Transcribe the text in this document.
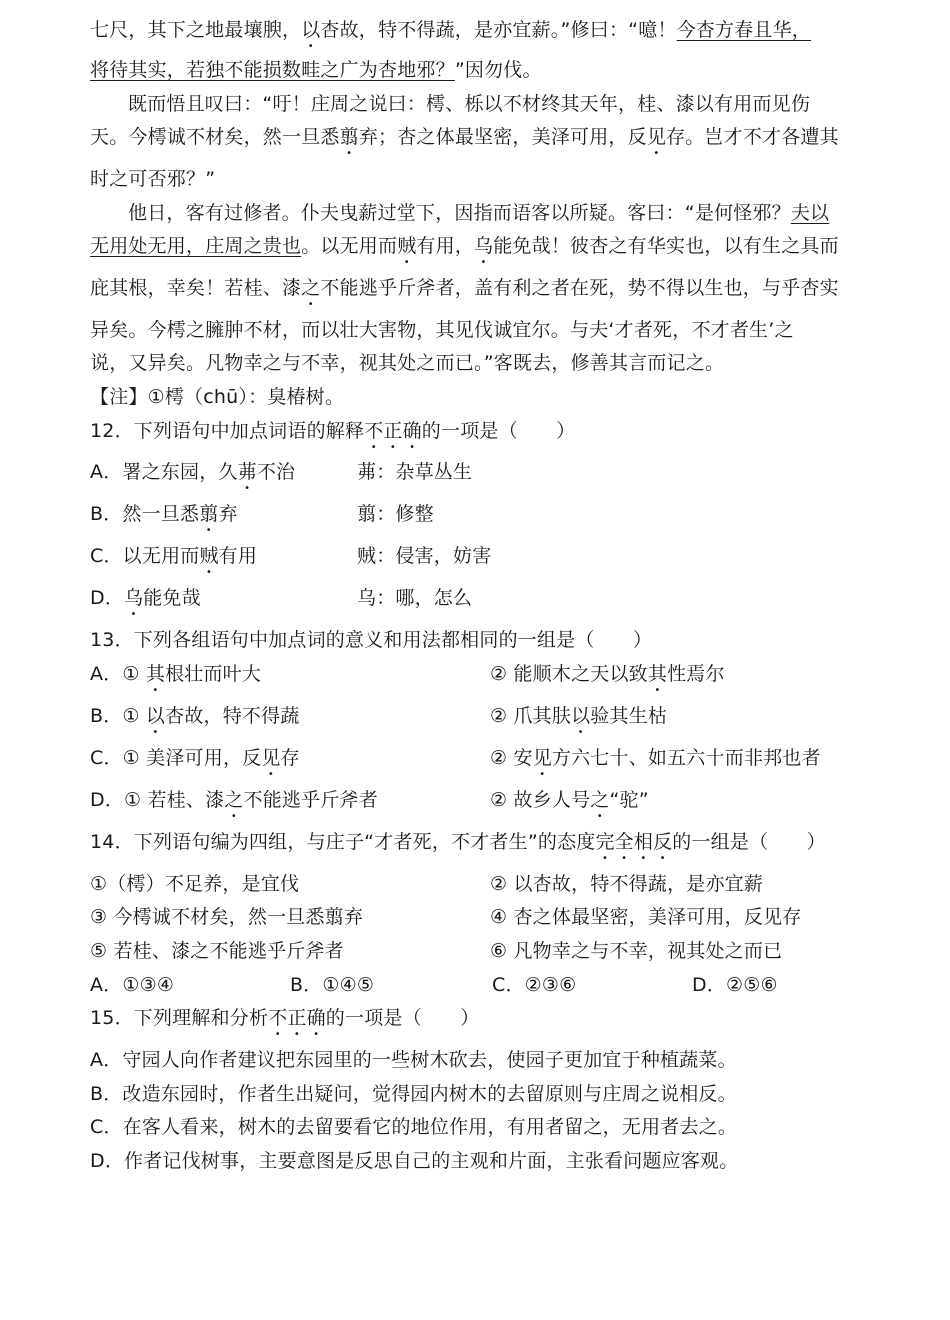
七尺，其下之地最壤腴，以杏故，特不得蔬，是亦宜薪。”修曰：“噫！今杏方春且华，
将待其实，若独不能损数畦之广为杏地邪？”因勿伐。
既而悟且叹曰：“吁！庄周之说曰：樗、栎以不材终其天年，桂、漆以有用而见伤
天。今樗诚不材矣，然一旦悉翦弃；杏之体最坚密，美泽可用，反见存。岂才不才各遭其
时之可否邪？”
他日，客有过修者。仆夫曳薪过堂下，因指而语客以所疑。客曰：“是何怪邪？夫以
无用处无用，庄周之贵也。以无用而贼有用，乌能免哉！彼杏之有华实也，以有生之具而
庇其根，幸矣！若桂、漆之不能逃乎斤斧者，盖有利之者在死，势不得以生也，与乎杏实
异矣。今樗之臃肿不材，而以壮大害物，其见伐诚宜尔。与夫‘才者死，不才者生’之
说，又异矣。凡物幸之与不幸，视其处之而已。”客既去，修善其言而记之。
【注】①樗（chū）：臭椿树。
12．下列语句中加点词语的解释不正确的一项是（　　）
A．署之东园，久茀不治	茀：杂草丛生
B．然一旦悉翦弃	翦：修整
C．以无用而贼有用	贼：侵害，妨害
D．乌能免哉	乌：哪，怎么
13．下列各组语句中加点词的意义和用法都相同的一组是（　　）
A．① 其根壮而叶大	② 能顺木之天以致其性焉尔
B．① 以杏故，特不得蔬	② 爪其肤以验其生枯
C．① 美泽可用，反见存	② 安见方六七十、如五六十而非邦也者
D．① 若桂、漆之不能逃乎斤斧者	② 故乡人号之“驼”
14．下列语句编为四组，与庄子“才者死，不才者生”的态度完全相反的一组是（　　）
①（樗）不足养，是宜伐	② 以杏故，特不得蔬，是亦宜薪
③ 今樗诚不材矣，然一旦悉翦弃	④ 杏之体最坚密，美泽可用，反见存
⑤ 若桂、漆之不能逃乎斤斧者	⑥ 凡物幸之与不幸，视其处之而已
A．①③④	B．①④⑤	C．②③⑥	D．②⑤⑥
15．下列理解和分析不正确的一项是（　　）
A．守园人向作者建议把东园里的一些树木砍去，使园子更加宜于种植蔬菜。
B．改造东园时，作者生出疑问，觉得园内树木的去留原则与庄周之说相反。
C．在客人看来，树木的去留要看它的地位作用，有用者留之，无用者去之。
D．作者记伐树事，主要意图是反思自己的主观和片面，主张看问题应客观。
